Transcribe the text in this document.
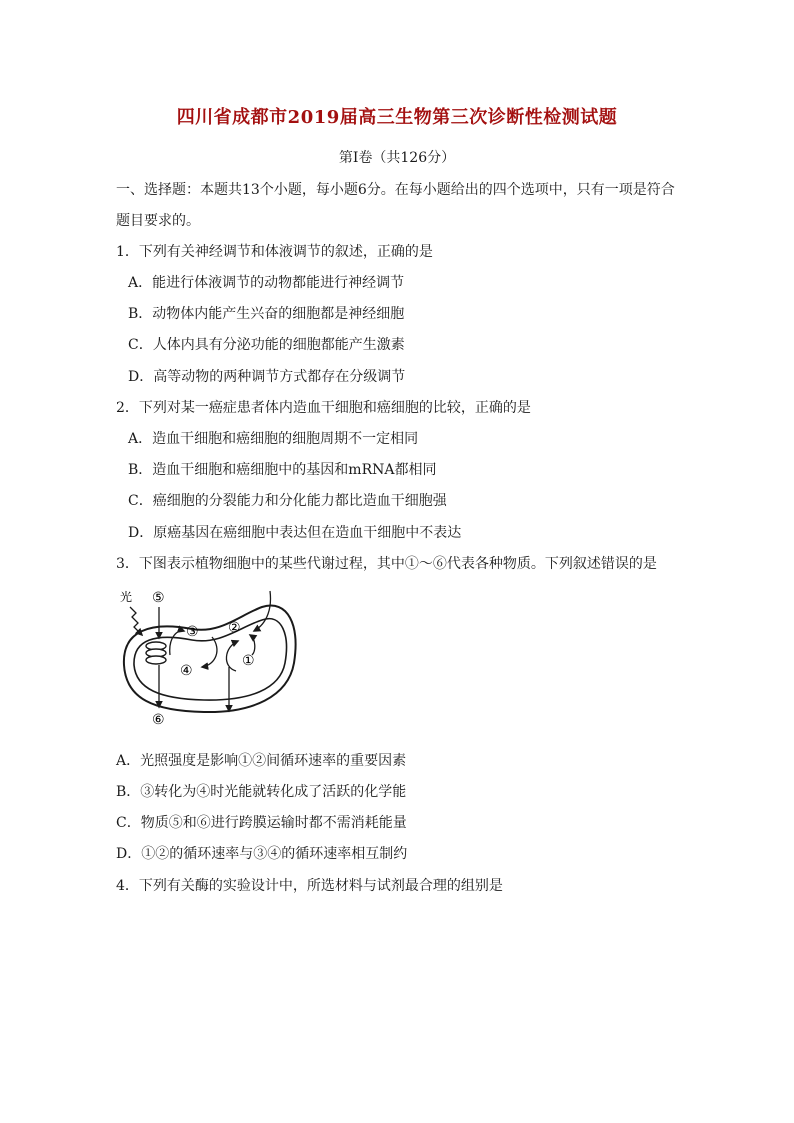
四川省成都市2019届高三生物第三次诊断性检测试题
第Ⅰ卷（共126分）
一、选择题：本题共13个小题，每小题6分。在每小题给出的四个选项中，只有一项是符合
题目要求的。
1．下列有关神经调节和体液调节的叙述，正确的是
A．能进行体液调节的动物都能进行神经调节
B．动物体内能产生兴奋的细胞都是神经细胞
C．人体内具有分泌功能的细胞都能产生激素
D．高等动物的两种调节方式都存在分级调节
2．下列对某一癌症患者体内造血干细胞和癌细胞的比较，正确的是
A．造血干细胞和癌细胞的细胞周期不一定相同
B．造血干细胞和癌细胞中的基因和mRNA都相同
C．癌细胞的分裂能力和分化能力都比造血干细胞强
D．原癌基因在癌细胞中表达但在造血干细胞中不表达
3．下图表示植物细胞中的某些代谢过程，其中①～⑥代表各种物质。下列叙述错误的是
光 ⑤
⑥
③
④
②
①
A．光照强度是影响①②间循环速率的重要因素
B．③转化为④时光能就转化成了活跃的化学能
C．物质⑤和⑥进行跨膜运输时都不需消耗能量
D．①②的循环速率与③④的循环速率相互制约
4．下列有关酶的实验设计中，所选材料与试剂最合理的组别是
